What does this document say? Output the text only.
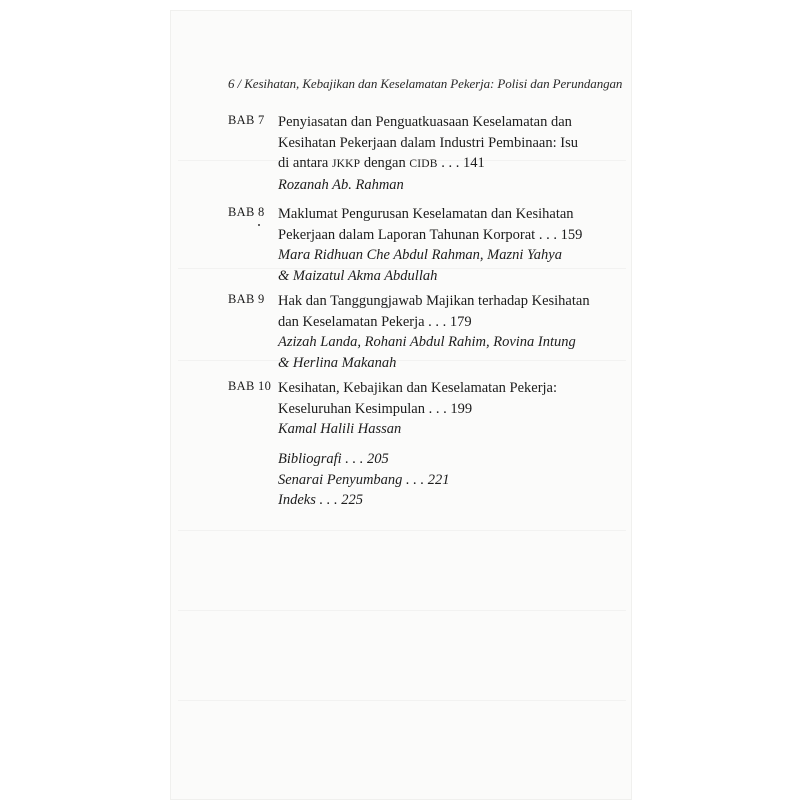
6 / Kesihatan, Kebajikan dan Keselamatan Pekerja: Polisi dan Perundangan
BAB 7 Penyiasatan dan Penguatkuasaan Keselamatan dan
Kesihatan Pekerjaan dalam Industri Pembinaan: Isu
di antara JKKP dengan CIDB . . . 141
Rozanah Ab. Rahman
BAB 8 Maklumat Pengurusan Keselamatan dan Kesihatan
Pekerjaan dalam Laporan Tahunan Korporat . . . 159
Mara Ridhuan Che Abdul Rahman, Mazni Yahya
& Maizatul Akma Abdullah
BAB 9 Hak dan Tanggungjawab Majikan terhadap Kesihatan
dan Keselamatan Pekerja . . . 179
Azizah Landa, Rohani Abdul Rahim, Rovina Intung
& Herlina Makanah
BAB 10 Kesihatan, Kebajikan dan Keselamatan Pekerja:
Keseluruhan Kesimpulan . . . 199
Kamal Halili Hassan
Bibliografi . . . 205
Senarai Penyumbang . . . 221
Indeks . . . 225
